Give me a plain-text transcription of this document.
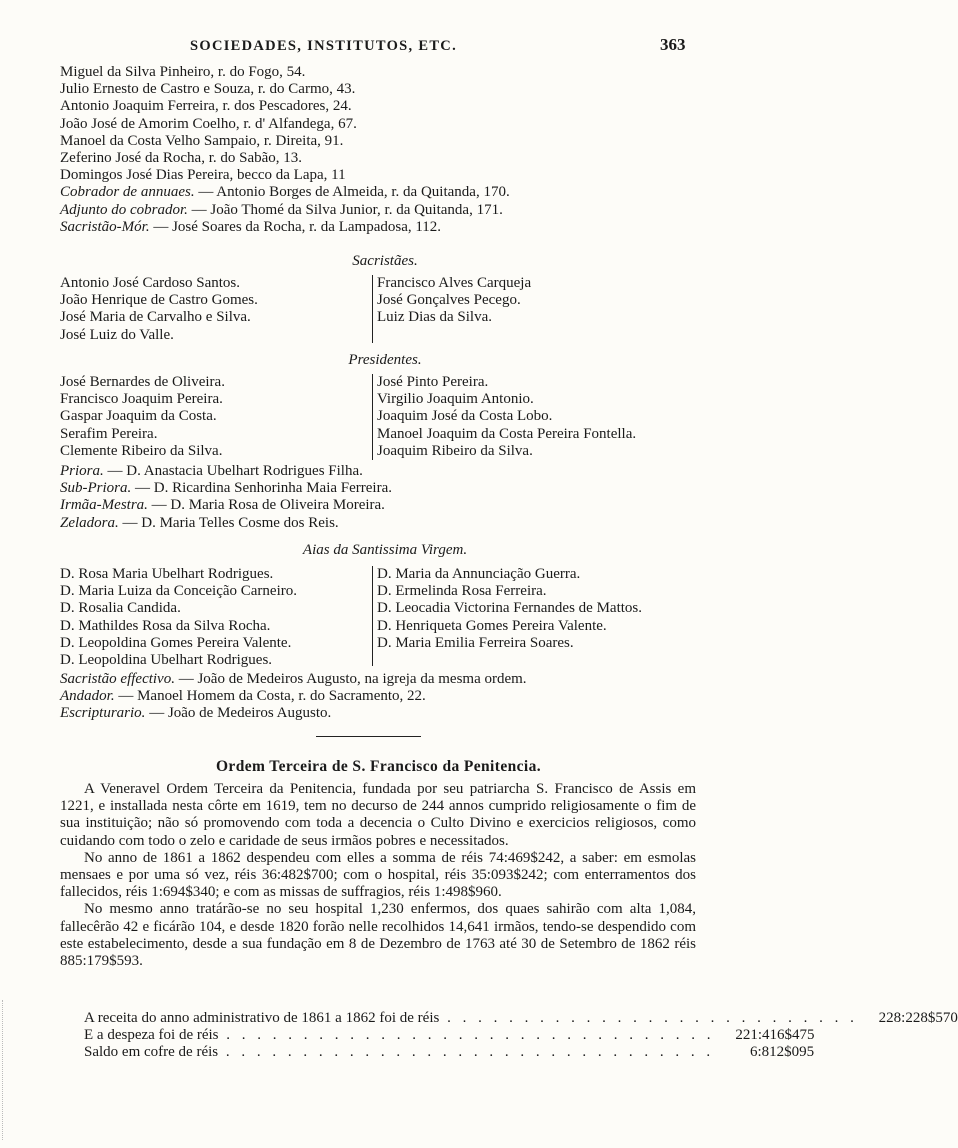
SOCIEDADES, INSTITUTOS, ETC.	363
Miguel da Silva Pinheiro, r. do Fogo, 54.
Julio Ernesto de Castro e Souza, r. do Carmo, 43.
Antonio Joaquim Ferreira, r. dos Pescadores, 24.
João José de Amorim Coelho, r. d' Alfandega, 67.
Manoel da Costa Velho Sampaio, r. Direita, 91.
Zeferino José da Rocha, r. do Sabão, 13.
Domingos José Dias Pereira, becco da Lapa, 11
Cobrador de annuaes. — Antonio Borges de Almeida, r. da Quitanda, 170.
Adjunto do cobrador. — João Thomé da Silva Junior, r. da Quitanda, 171.
Sacristão-Mór. — José Soares da Rocha, r. da Lampadosa, 112.
Sacristães.
Antonio José Cardoso Santos.
João Henrique de Castro Gomes.
José Maria de Carvalho e Silva.
José Luiz do Valle.
Francisco Alves Carqueja
José Gonçalves Pecego.
Luiz Dias da Silva.
Presidentes.
José Bernardes de Oliveira.
Francisco Joaquim Pereira.
Gaspar Joaquim da Costa.
Serafim Pereira.
Clemente Ribeiro da Silva.
José Pinto Pereira.
Virgilio Joaquim Antonio.
Joaquim José da Costa Lobo.
Manoel Joaquim da Costa Pereira Fontella.
Joaquim Ribeiro da Silva.
Priora. — D. Anastacia Ubelhart Rodrigues Filha.
Sub-Priora. — D. Ricardina Senhorinha Maia Ferreira.
Irmãa-Mestra. — D. Maria Rosa de Oliveira Moreira.
Zeladora. — D. Maria Telles Cosme dos Reis.
Aias da Santissima Virgem.
D. Rosa Maria Ubelhart Rodrigues.
D. Maria Luiza da Conceição Carneiro.
D. Rosalia Candida.
D. Mathildes Rosa da Silva Rocha.
D. Leopoldina Gomes Pereira Valente.
D. Leopoldina Ubelhart Rodrigues.
D. Maria da Annunciação Guerra.
D. Ermelinda Rosa Ferreira.
D. Leocadia Victorina Fernandes de Mattos.
D. Henriqueta Gomes Pereira Valente.
D. Maria Emilia Ferreira Soares.
Sacristão effectivo. — João de Medeiros Augusto, na igreja da mesma ordem.
Andador. — Manoel Homem da Costa, r. do Sacramento, 22.
Escripturario. — João de Medeiros Augusto.
Ordem Terceira de S. Francisco da Penitencia.

A Veneravel Ordem Terceira da Penitencia, fundada por seu patriarcha S. Francisco de Assis em 1221, e installada nesta côrte em 1619, tem no decurso de 244 annos cumprido religiosamente o fim de sua instituição; não só promovendo com toda a decencia o Culto Divino e exercicios religiosos, como cuidando com todo o zelo e caridade de seus irmãos pobres e necessitados.

No anno de 1861 a 1862 despendeu com elles a somma de réis 74:469$242, a saber: em esmolas mensaes e por uma só vez, réis 36:482$700; com o hospital, réis 35:093$242; com enterramentos dos fallecidos, réis 1:694$340; e com as missas de suffragios, réis 1:498$960.

No mesmo anno tratárão-se no seu hospital 1,230 enfermos, dos quaes sahirão com alta 1,084, fallecêrão 42 e ficárão 104, e desde 1820 forão nelle recolhidos 14,641 irmãos, tendo-se despendido com este estabelecimento, desde a sua fundação em 8 de Dezembro de 1763 até 30 de Setembro de 1862 réis 885:179$593.

A receita do anno administrativo de 1861 a 1862 foi de réis . . . . . . . . . . . . . . . . . . . . . . . . . . .	228:228$570
E a despeza foi de réis . . . . . . . . . . . . . . . . . . . . . . . . . . . . . . . .	221:416$475
Saldo em cofre de réis . . . . . . . . . . . . . . . . . . . . . . . . . . . . . . . .	6:812$095
